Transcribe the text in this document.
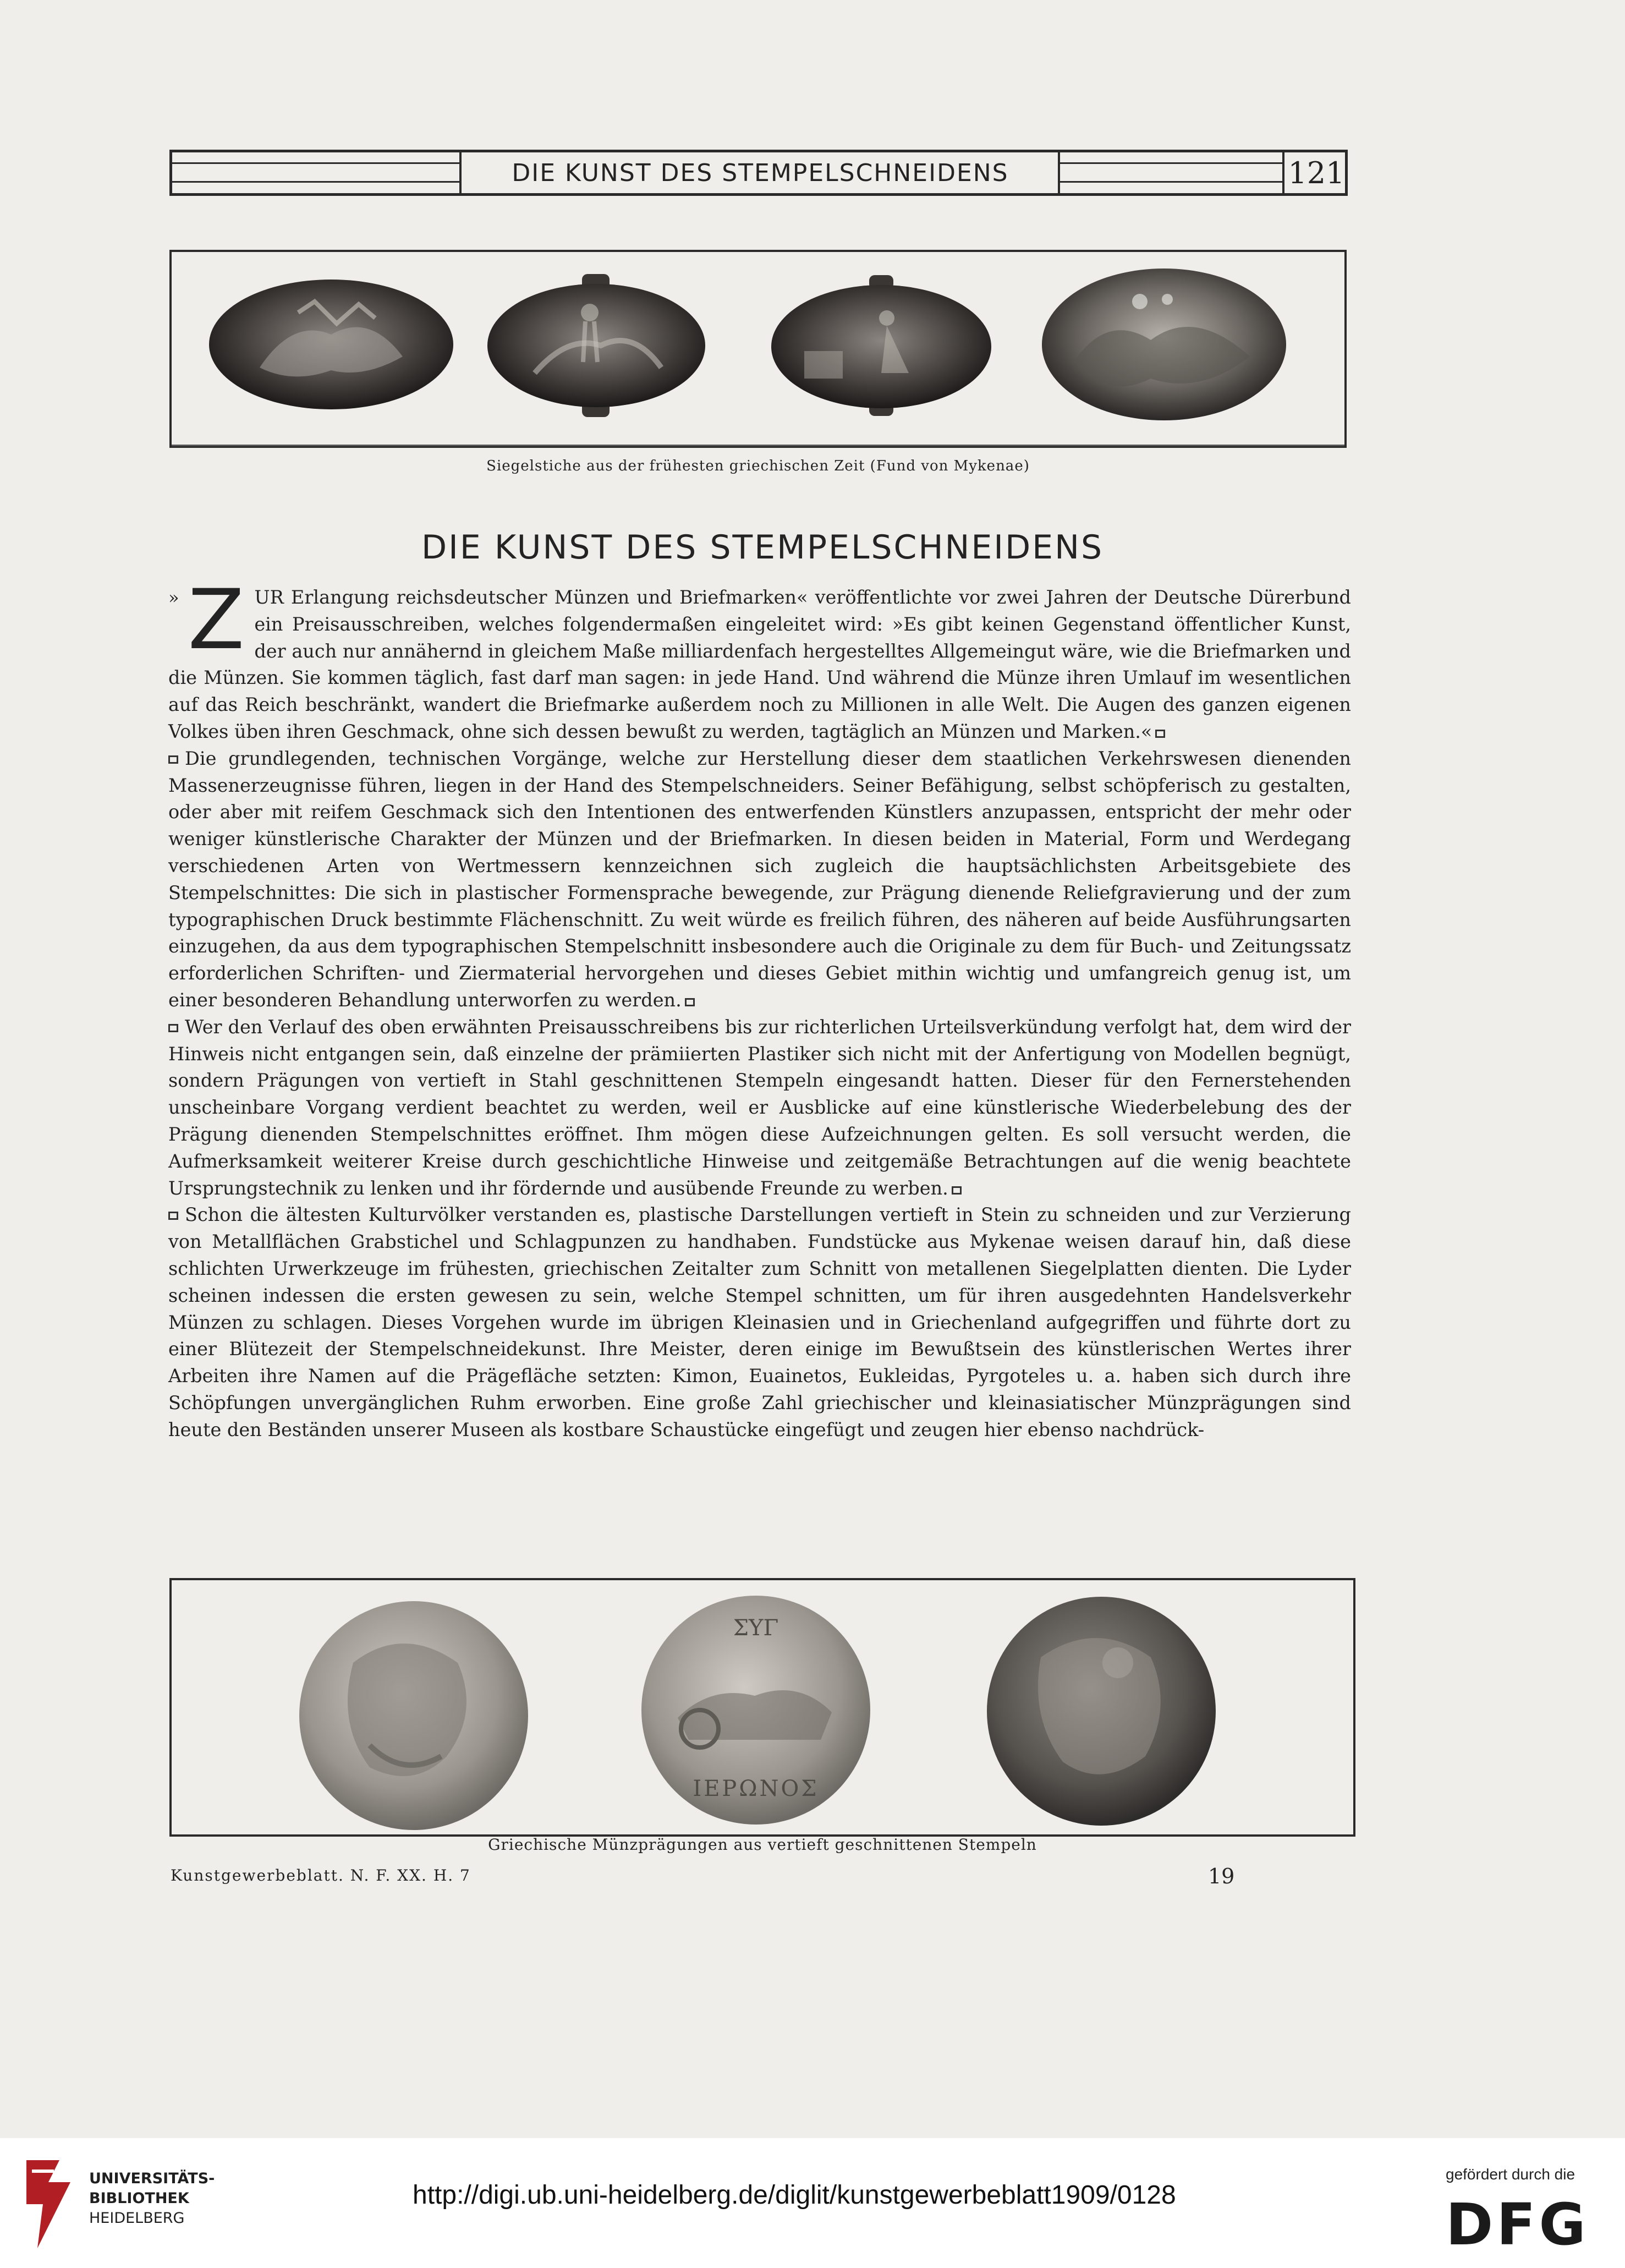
DIE KUNST DES STEMPELSCHNEIDENS	121
Siegelstiche aus der frühesten griechischen Zeit (Fund von Mykenae)
DIE KUNST DES STEMPELSCHNEIDENS

» Z UR Erlangung reichsdeutscher Münzen und Briefmarken« veröffentlichte vor zwei Jahren der Deutsche Dürerbund ein Preisausschreiben, welches folgendermaßen eingeleitet wird: »Es gibt keinen Gegenstand öffentlicher Kunst, der auch nur annähernd in gleichem Maße milliardenfach hergestelltes Allgemeingut wäre, wie die Briefmarken und die Münzen. Sie kommen täglich, fast darf man sagen: in jede Hand. Und während die Münze ihren Umlauf im wesentlichen auf das Reich beschränkt, wandert die Briefmarke außerdem noch zu Millionen in alle Welt. Die Augen des ganzen eigenen Volkes üben ihren Geschmack, ohne sich dessen bewußt zu werden, tagtäglich an Münzen und Marken.«

Die grundlegenden, technischen Vorgänge, welche zur Herstellung dieser dem staatlichen Verkehrswesen dienenden Massenerzeugnisse führen, liegen in der Hand des Stempelschneiders. Seiner Befähigung, selbst schöpferisch zu gestalten, oder aber mit reifem Geschmack sich den Intentionen des entwerfenden Künstlers anzupassen, entspricht der mehr oder weniger künstlerische Charakter der Münzen und der Briefmarken. In diesen beiden in Material, Form und Werdegang verschiedenen Arten von Wertmessern kennzeichnen sich zugleich die hauptsächlichsten Arbeitsgebiete des Stempelschnittes: Die sich in plastischer Formensprache bewegende, zur Prägung dienende Reliefgravierung und der zum typographischen Druck bestimmte Flächenschnitt. Zu weit würde es freilich führen, des näheren auf beide Ausführungsarten einzugehen, da aus dem typographischen Stempelschnitt insbesondere auch die Originale zu dem für Buch- und Zeitungssatz erforderlichen Schriften- und Ziermaterial hervorgehen und dieses Gebiet mithin wichtig und umfangreich genug ist, um einer besonderen Behandlung unterworfen zu werden.

Wer den Verlauf des oben erwähnten Preisausschreibens bis zur richterlichen Urteilsverkündung verfolgt hat, dem wird der Hinweis nicht entgangen sein, daß einzelne der prämiierten Plastiker sich nicht mit der Anfertigung von Modellen begnügt, sondern Prägungen von vertieft in Stahl geschnittenen Stempeln eingesandt hatten. Dieser für den Fernerstehenden unscheinbare Vorgang verdient beachtet zu werden, weil er Ausblicke auf eine künstlerische Wiederbelebung des der Prägung dienenden Stempelschnittes eröffnet. Ihm mögen diese Aufzeichnungen gelten. Es soll versucht werden, die Aufmerksamkeit weiterer Kreise durch geschichtliche Hinweise und zeitgemäße Betrachtungen auf die wenig beachtete Ursprungstechnik zu lenken und ihr fördernde und ausübende Freunde zu werben.

Schon die ältesten Kulturvölker verstanden es, plastische Darstellungen vertieft in Stein zu schneiden und zur Verzierung von Metallflächen Grabstichel und Schlagpunzen zu handhaben. Fundstücke aus Mykenae weisen darauf hin, daß diese schlichten Urwerkzeuge im frühesten, griechischen Zeitalter zum Schnitt von metallenen Siegelplatten dienten. Die Lyder scheinen indessen die ersten gewesen zu sein, welche Stempel schnitten, um für ihren ausgedehnten Handelsverkehr Münzen zu schlagen. Dieses Vorgehen wurde im übrigen Kleinasien und in Griechenland aufgegriffen und führte dort zu einer Blütezeit der Stempelschneidekunst. Ihre Meister, deren einige im Bewußtsein des künstlerischen Wertes ihrer Arbeiten ihre Namen auf die Prägefläche setzten: Kimon, Euainetos, Eukleidas, Pyrgoteles u. a. haben sich durch ihre Schöpfungen unvergänglichen Ruhm erworben. Eine große Zahl griechischer und kleinasiatischer Münzprägungen sind heute den Beständen unserer Museen als kostbare Schaustücke eingefügt und zeugen hier ebenso nachdrück-

ΣΥΓ
ΙΕΡΩΝΟΣ
Griechische Münzprägungen aus vertieft geschnittenen Stempeln
Kunstgewerbeblatt. N. F. XX. H. 7	19
UNIVERSITÄTS-
BIBLIOTHEK
HEIDELBERG
http://digi.ub.uni-heidelberg.de/diglit/kunstgewerbeblatt1909/0128
gefördert durch die
DFG
